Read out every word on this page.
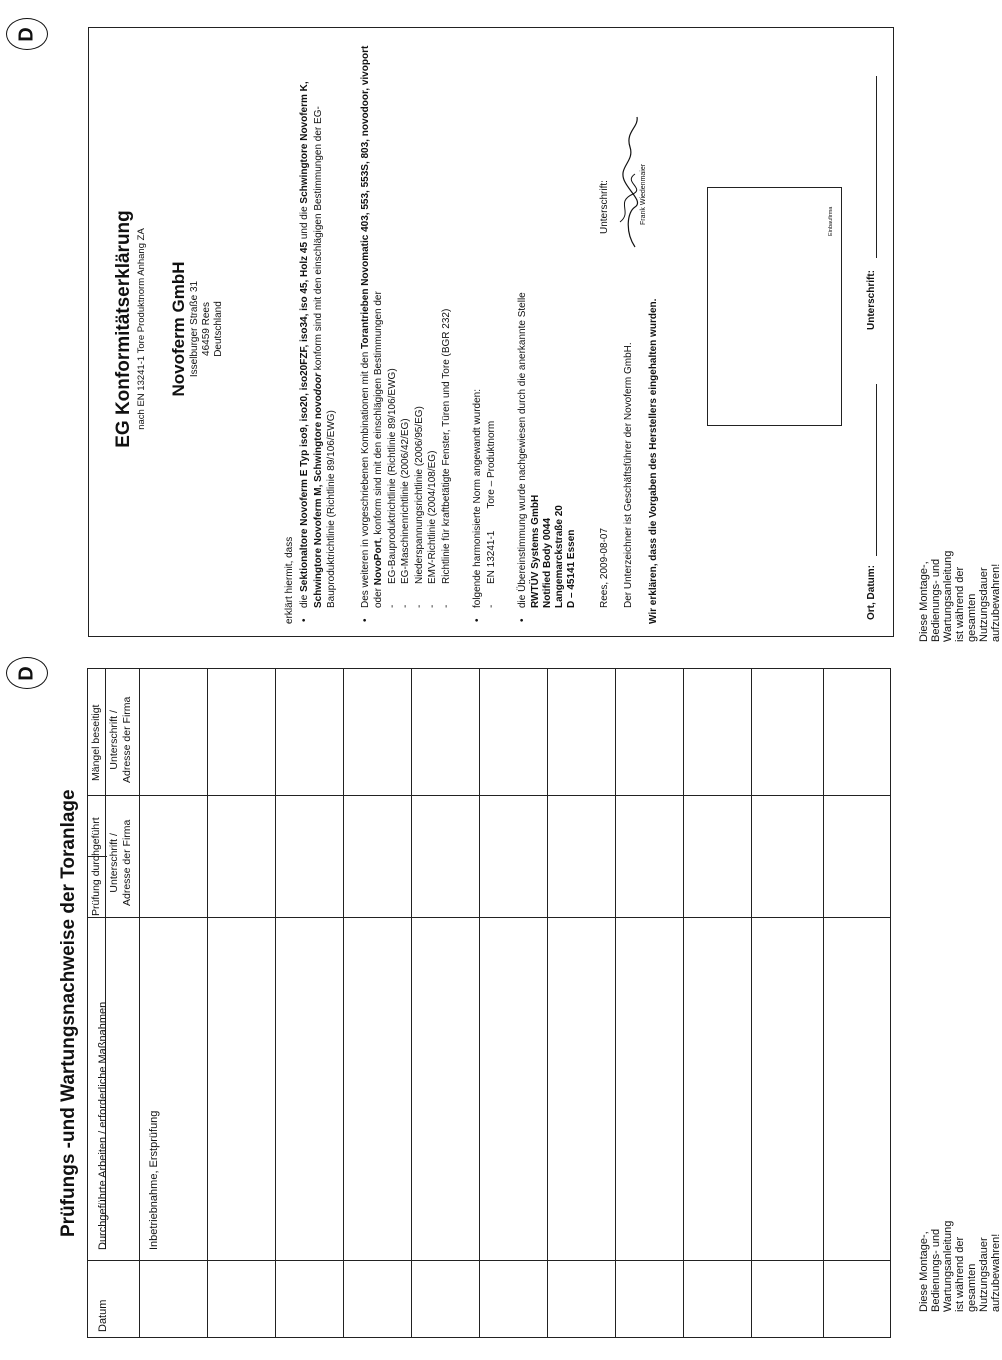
D
D
Diese Montage-, Bedienungs- und Wartungsanleitung ist während der gesamten Nutzungsdauer aufzubewahren!
Diese Montage-, Bedienungs- und Wartungsanleitung ist während der gesamten Nutzungsdauer aufzubewahren!
Prüfungs -und Wartungsnachweise der Toranlage
Mängel beseitigt Unterschrift / Adresse der Firma
Prüfung durchgeführt Unterschrift / Adresse der Firma
Durchgeführte Arbeiten / erforderliche Maßnahmen
Datum
Inbetriebnahme, Erstprüfung
EG Konformitätserklärung nach EN 13241-1 Tore Produktnorm Anhang ZA Novoferm GmbH Isselburger Straße 31 46459 Rees Deutschland

erklärt hiermit, dass • die Sektionaltore Novoferm E Typ iso9, iso20, iso20FZF, iso34, iso 45, Holz 45 und die Schwingtore Novoferm K, Schwingtore Novoferm M, Schwingtore novodoor konform sind mit den einschlägigen Bestimmungen der EG-Bauproduktrichtlinie (Richtlinie 89/106/EWG) • Des weiteren in vorgeschriebenen Kombinationen mit den Torantrieben Novomatic 403, 553, 553S, 803, novodoor, vivoport oder NovoPort, konform sind mit den einschlägigen Bestimmungen der - EG-Bauproduktrichtlinie (Richtlinie 89/106/EWG) - EG-Maschinenrichtlinie (2006/42/EG) - Niederspannungsrichtlinie (2006/95/EG) - EMV-Richtlinie (2004/108/EG) - Richtlinie für kraftbetätigte Fenster, Türen und Tore (BGR 232) • folgende harmonisierte Norm angewandt wurden: - EN 13241-1Tore – Produktnorm • die Übereinstimmung wurde nachgewiesen durch die anerkannte Stelle RWTÜV Systems GmbH Notified Body 0044 Langemarckstraße 20 D – 45141 Essen Rees, 2009-08-07
Unterschrift:

Der Unterzeichner ist Geschäftsführer der Novoferm GmbH. Wir erklären, dass die Vorgaben des Herstellers eingehalten wurden.

Frank Wiedenmaier	Einbaufirma
Ort, Datum:
Unterschrift:
